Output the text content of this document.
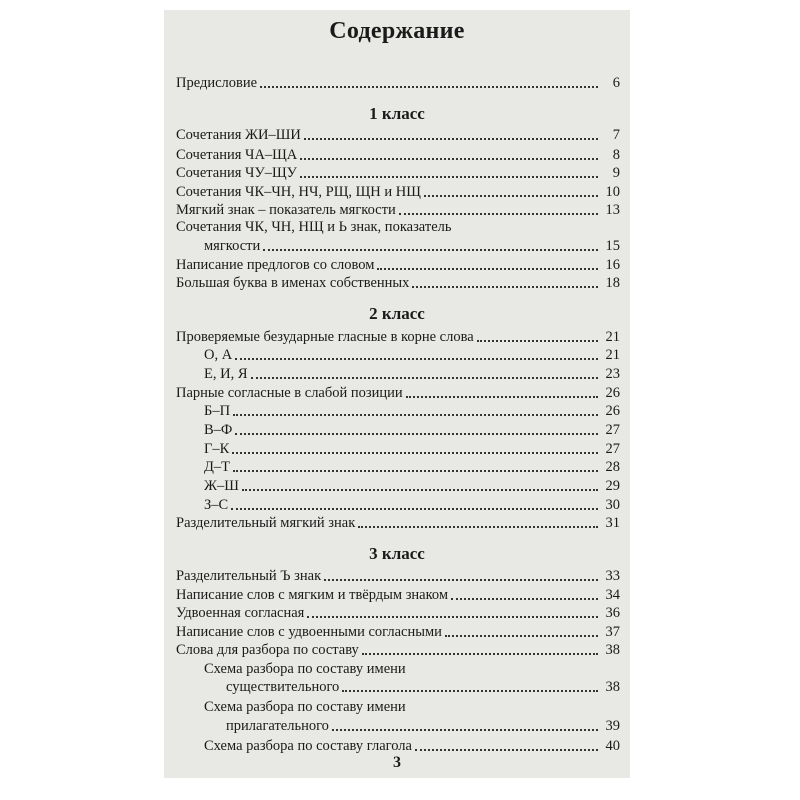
Содержание
Предисловие	6
1 класс
Сочетания ЖИ–ШИ	7
Сочетания ЧА–ЩА	8
Сочетания ЧУ–ЩУ	9
Сочетания ЧК–ЧН, НЧ, РЩ, ЩН и НЩ	10
Мягкий знак – показатель мягкости	13
Сочетания ЧК, ЧН, НЩ и Ь знак, показатель
мягкости	15
Написание предлогов со словом	16
Большая буква в именах собственных	18
2 класс
Проверяемые безударные гласные в корне слова	21
О, А	21
Е, И, Я	23
Парные согласные в слабой позиции	26
Б–П	26
В–Ф	27
Г–К	27
Д–Т	28
Ж–Ш	29
З–С	30
Разделительный мягкий знак	31
3 класс
Разделительный Ъ знак	33
Написание слов с мягким и твёрдым знаком	34
Удвоенная согласная	36
Написание слов с удвоенными согласными	37
Слова для разбора по составу	38
Схема разбора по составу имени
существительного	38
Схема разбора по составу имени
прилагательного	39
Схема разбора по составу глагола	40
3
